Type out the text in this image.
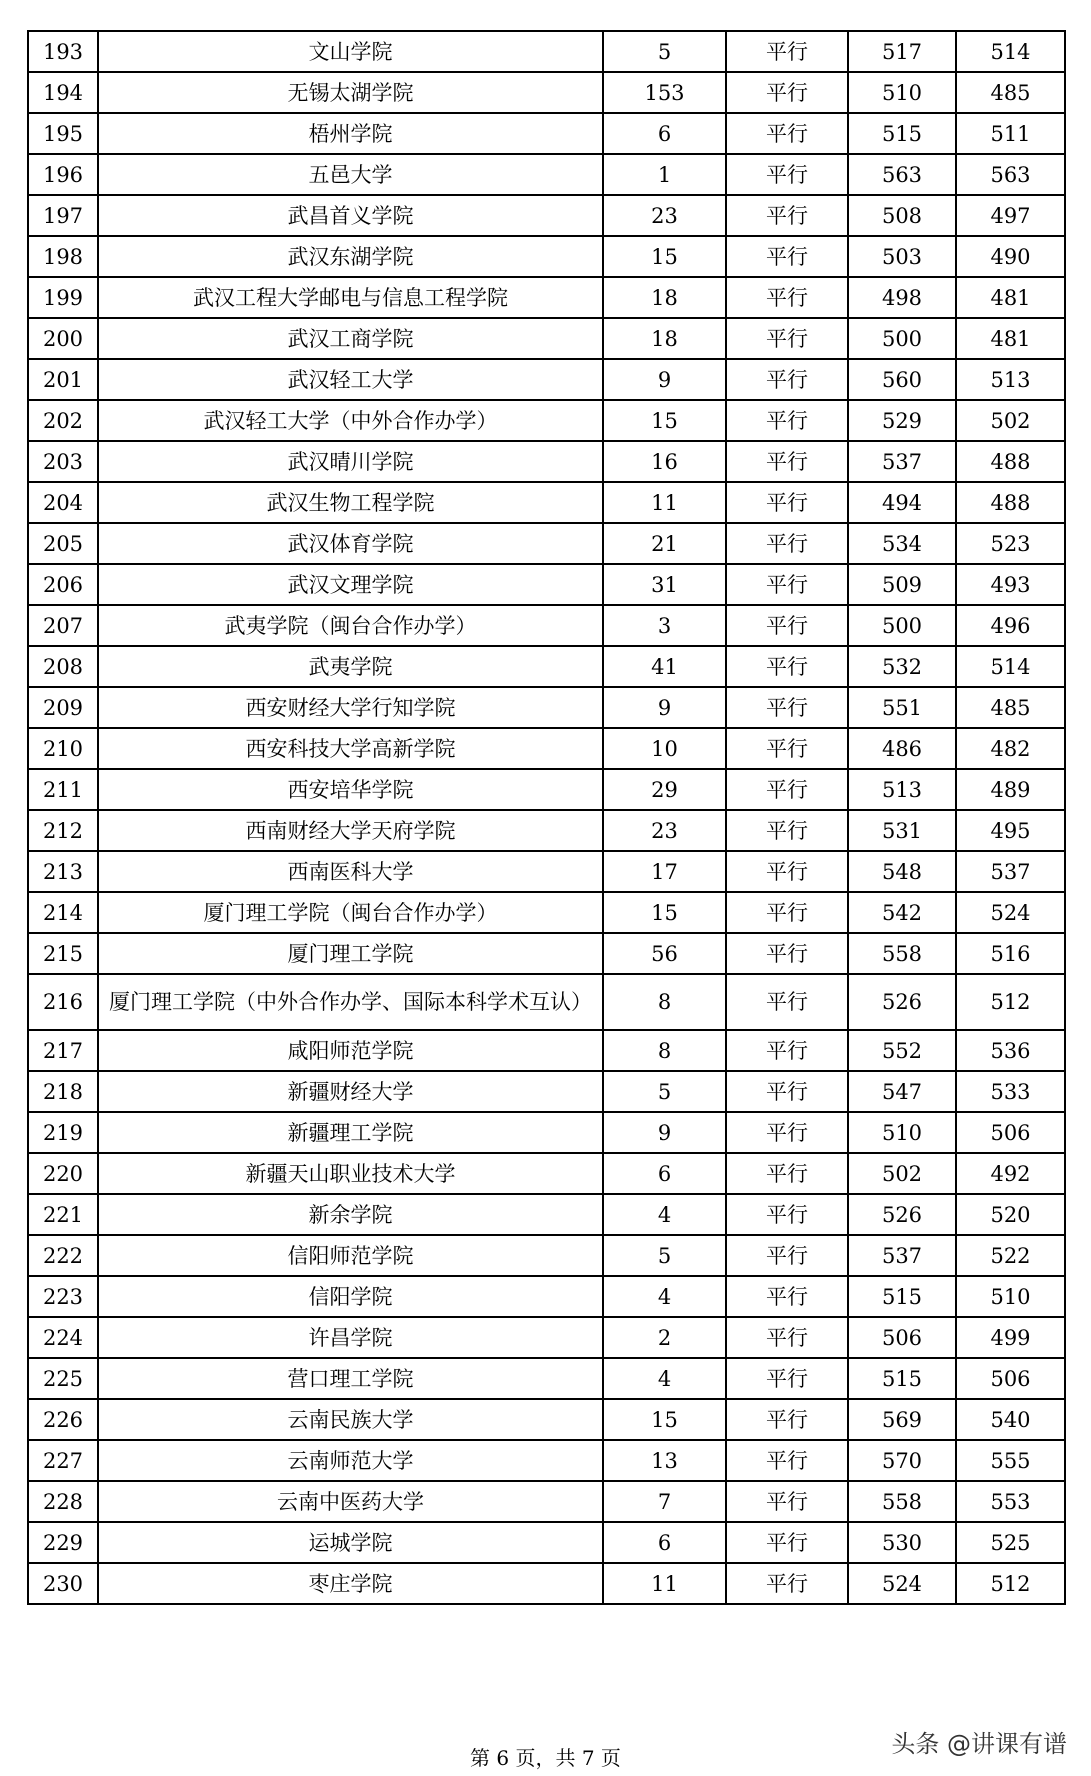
193	文山学院	5	平行	517	514
194	无锡太湖学院	153	平行	510	485
195	梧州学院	6	平行	515	511
196	五邑大学	1	平行	563	563
197	武昌首义学院	23	平行	508	497
198	武汉东湖学院	15	平行	503	490
199	武汉工程大学邮电与信息工程学院	18	平行	498	481
200	武汉工商学院	18	平行	500	481
201	武汉轻工大学	9	平行	560	513
202	武汉轻工大学（中外合作办学）	15	平行	529	502
203	武汉晴川学院	16	平行	537	488
204	武汉生物工程学院	11	平行	494	488
205	武汉体育学院	21	平行	534	523
206	武汉文理学院	31	平行	509	493
207	武夷学院（闽台合作办学）	3	平行	500	496
208	武夷学院	41	平行	532	514
209	西安财经大学行知学院	9	平行	551	485
210	西安科技大学高新学院	10	平行	486	482
211	西安培华学院	29	平行	513	489
212	西南财经大学天府学院	23	平行	531	495
213	西南医科大学	17	平行	548	537
214	厦门理工学院（闽台合作办学）	15	平行	542	524
215	厦门理工学院	56	平行	558	516
216	厦门理工学院（中外合作办学、国际本科学术互认）	8	平行	526	512
217	咸阳师范学院	8	平行	552	536
218	新疆财经大学	5	平行	547	533
219	新疆理工学院	9	平行	510	506
220	新疆天山职业技术大学	6	平行	502	492
221	新余学院	4	平行	526	520
222	信阳师范学院	5	平行	537	522
223	信阳学院	4	平行	515	510
224	许昌学院	2	平行	506	499
225	营口理工学院	4	平行	515	506
226	云南民族大学	15	平行	569	540
227	云南师范大学	13	平行	570	555
228	云南中医药大学	7	平行	558	553
229	运城学院	6	平行	530	525
230	枣庄学院	11	平行	524	512
第 6 页，共 7 页	头条 @讲课有谱
